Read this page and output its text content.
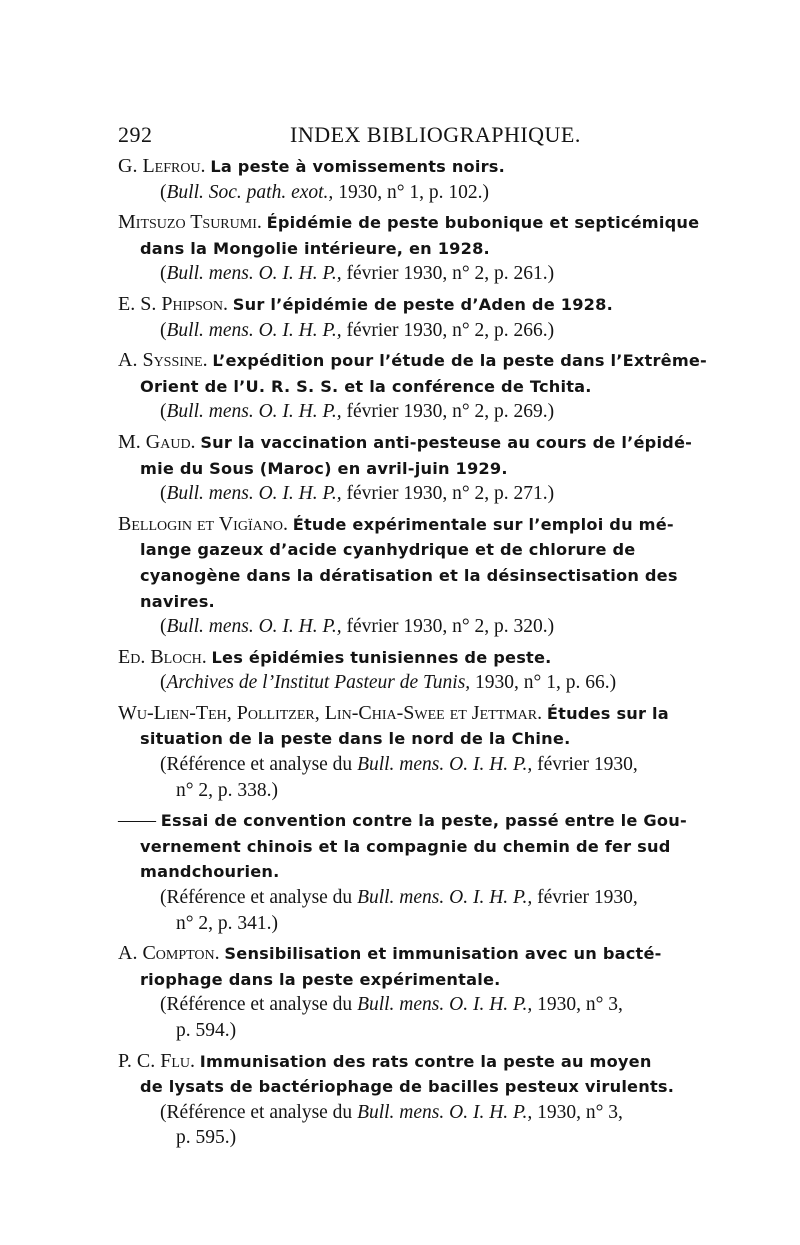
292	INDEX BIBLIOGRAPHIQUE.
G. Lefrou. La peste à vomissements noirs.
(Bull. Soc. path. exot., 1930, n° 1, p. 102.)
Mitsuzo Tsurumi. Épidémie de peste bubonique et septicémique
dans la Mongolie intérieure, en 1928.
(Bull. mens. O. I. H. P., février 1930, n° 2, p. 261.)
E. S. Phipson. Sur l’épidémie de peste d’Aden de 1928.
(Bull. mens. O. I. H. P., février 1930, n° 2, p. 266.)
A. Syssine. L’expédition pour l’étude de la peste dans l’Extrême-
Orient de l’U. R. S. S. et la conférence de Tchita.
(Bull. mens. O. I. H. P., février 1930, n° 2, p. 269.)
M. Gaud. Sur la vaccination anti-pesteuse au cours de l’épidé-
mie du Sous (Maroc) en avril-juin 1929.
(Bull. mens. O. I. H. P., février 1930, n° 2, p. 271.)
Bellogin et Vigïano. Étude expérimentale sur l’emploi du mé-
lange gazeux d’acide cyanhydrique et de chlorure de
cyanogène dans la dératisation et la désinsectisation des
navires.
(Bull. mens. O. I. H. P., février 1930, n° 2, p. 320.)
Ed. Bloch. Les épidémies tunisiennes de peste.
(Archives de l’Institut Pasteur de Tunis, 1930, n° 1, p. 66.)
Wu-Lien-Teh, Pollitzer, Lin-Chia-Swee et Jettmar. Études sur la
situation de la peste dans le nord de la Chine.
(Référence et analyse du Bull. mens. O. I. H. P., février 1930,
n° 2, p. 338.)
—— Essai de convention contre la peste, passé entre le Gou-
vernement chinois et la compagnie du chemin de fer sud
mandchourien.
(Référence et analyse du Bull. mens. O. I. H. P., février 1930,
n° 2, p. 341.)
A. Compton. Sensibilisation et immunisation avec un bacté-
riophage dans la peste expérimentale.
(Référence et analyse du Bull. mens. O. I. H. P., 1930, n° 3,
p. 594.)
P. C. Flu. Immunisation des rats contre la peste au moyen
de lysats de bactériophage de bacilles pesteux virulents.
(Référence et analyse du Bull. mens. O. I. H. P., 1930, n° 3,
p. 595.)
